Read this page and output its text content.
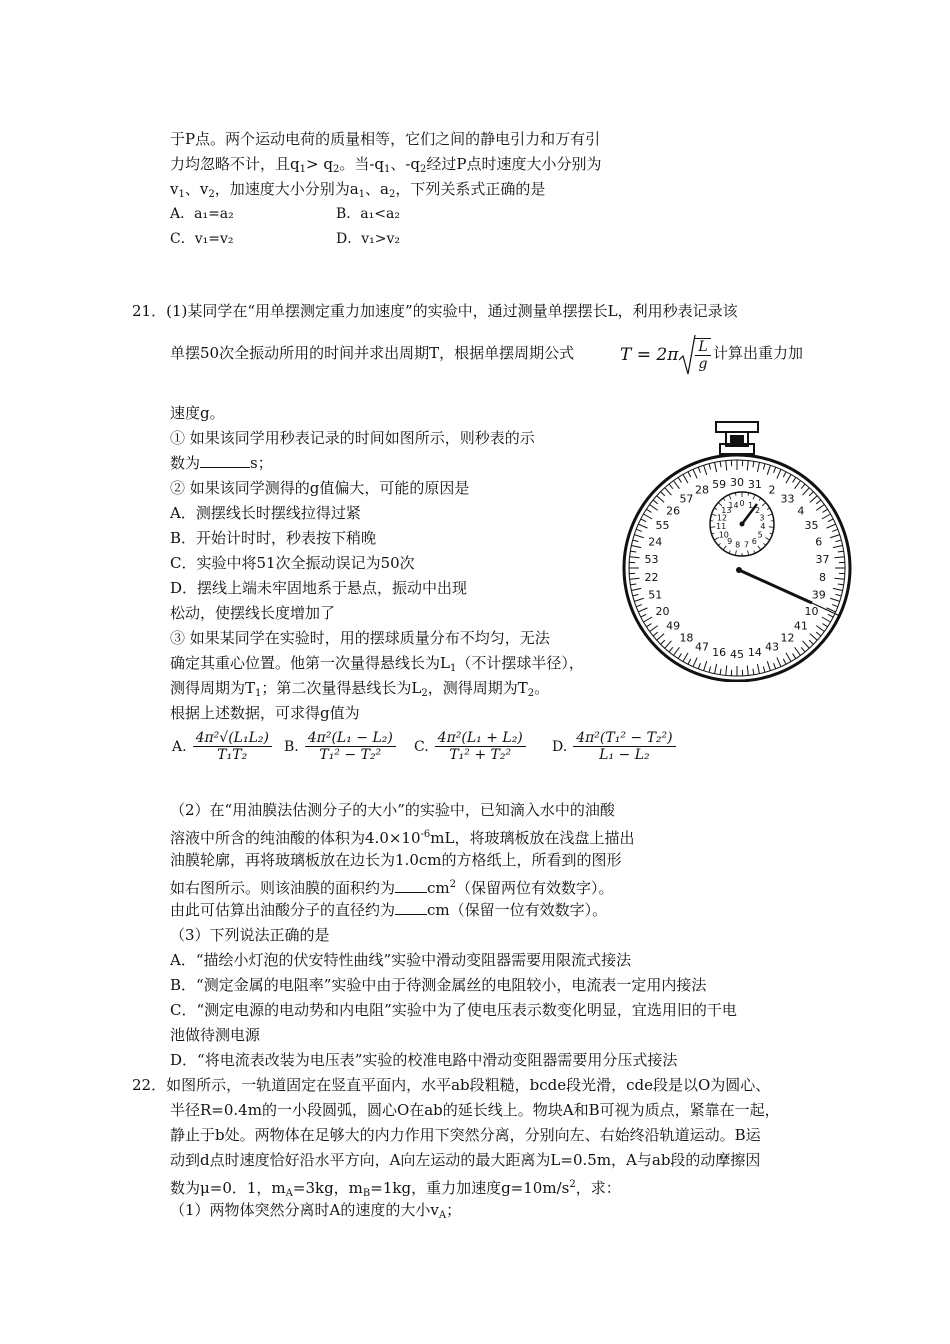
于P点。两个运动电荷的质量相等，它们之间的静电引力和万有引
力均忽略不计，且$q_1> q_2$。当$-q_1$、$-q_2$经过P点时速度大小分别为
$v_1$、$v_2$，加速度大小分别为$a_1$、$a_2$，下列关系式正确的是
A．a₁=a₂	B．a₁<a₂
C．v₁=v₂	D．v₁>v₂
21．(1)某同学在“用单摆测定重力加速度”的实验中，通过测量单摆摆长L，利用秒表记录该
单摆50次全振动所用的时间并求出周期T，根据单摆周期公式	$T = 2\pi \frac{L}{g}$ 计算出重力加
速度g。
① 如果该同学用秒表记录的时间如图所示，则秒表的示
数为	s；
② 如果该同学测得的g值偏大，可能的原因是
A．测摆线长时摆线拉得过紧
B．开始计时时，秒表按下稍晚
C．实验中将51次全振动误记为50次
D．摆线上端未牢固地系于悬点，振动中出现
松动，使摆线长度增加了
③ 如果某同学在实验时，用的摆球质量分布不均匀，无法
确定其重心位置。他第一次量得悬线长为$L_1$（不计摆球半径），
测得周期为$T_1$；第二次量得悬线长为$L_2$，测得周期为$T_2$。
根据上述数据，可求得g值为
A. $\frac{\text{4π²√(L₁L₂)}}{\text{T₁T₂}} B$. $\frac{\text{4π²(L₁ − L₂)}}{\text{T₁² − T₂²}} C$. $\frac{\text{4π²(L₁ + L₂)}}{\text{T₁² + T₂²}} D$. $\frac{\text{4π²(T₁² − T₂²)}}{\text{L₁ − L₂}}$
31 2
33
4
35
6
37
8
39
10
41
12
43
14
45
16
47
18
49
20
51
22
53
24
55
26
57
28 59 30
0 1
2
3
4
5
6
7
8
9
10
11
12
13
14
（2）在“用油膜法估测分子的大小”的实验中，已知滴入水中的油酸
溶液中所含的纯油酸的体积为$4.0\times 10^{-6}mL$，将玻璃板放在浅盘上描出
油膜轮廓，再将玻璃板放在边长为1.0cm的方格纸上，所看到的图形
如右图所示。则该油膜的面积约为 $cm^2$（保留两位有效数字）。
由此可估算出油酸分子的直径约为 cm（保留一位有效数字）。
（3）下列说法正确的是
A．“描绘小灯泡的伏安特性曲线”实验中滑动变阻器需要用限流式接法
B．“测定金属的电阻率”实验中由于待测金属丝的电阻较小，电流表一定用内接法
C．“测定电源的电动势和内电阻”实验中为了使电压表示数变化明显，宜选用旧的干电
池做待测电源
D．“将电流表改装为电压表”实验的校准电路中滑动变阻器需要用分压式接法
22．如图所示，一轨道固定在竖直平面内，水平ab段粗糙，bcde段光滑，cde段是以O为圆心、
半径R=0.4m的一小段圆弧，圆心O在ab的延长线上。物块A和B可视为质点，紧靠在一起，
静止于b处。两物体在足够大的内力作用下突然分离，分别向左、右始终沿轨道运动。B运
动到d点时速度恰好沿水平方向，A向左运动的最大距离为L=0.5m，A与ab段的动摩擦因
数为μ=0．1，$m_A=3kg$，$m_B=1kg$，重力加速度$g=10m/s^2$，求：
（1）两物体突然分离时A的速度的大小$v_A$；
